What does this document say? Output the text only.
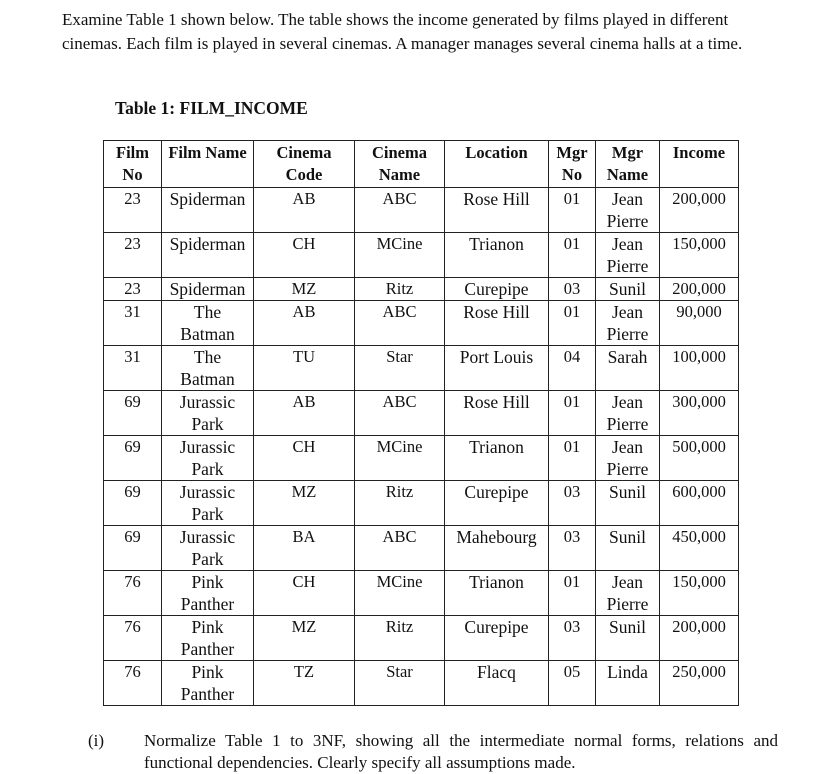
Examine Table 1 shown below. The table shows the income generated by films played in different cinemas. Each film is played in several cinemas. A manager manages several cinema halls at a time.

Table 1: FILM_INCOME

Film No	Film Name	Cinema Code	Cinema Name	Location	Mgr No	Mgr Name	Income
23	Spiderman	AB	ABC	Rose Hill	01	Jean Pierre	200,000
23	Spiderman	CH	MCine	Trianon	01	Jean Pierre	150,000
23	Spiderman	MZ	Ritz	Curepipe	03	Sunil	200,000
31	The Batman	AB	ABC	Rose Hill	01	Jean Pierre	90,000
31	The Batman	TU	Star	Port Louis	04	Sarah	100,000
69	Jurassic Park	AB	ABC	Rose Hill	01	Jean Pierre	300,000
69	Jurassic Park	CH	MCine	Trianon	01	Jean Pierre	500,000
69	Jurassic Park	MZ	Ritz	Curepipe	03	Sunil	600,000
69	Jurassic Park	BA	ABC	Mahebourg	03	Sunil	450,000
76	Pink Panther	CH	MCine	Trianon	01	Jean Pierre	150,000
76	Pink Panther	MZ	Ritz	Curepipe	03	Sunil	200,000
76	Pink Panther	TZ	Star	Flacq	05	Linda	250,000
(i) Normalize Table 1 to 3NF, showing all the intermediate normal forms, relations and functional dependencies. Clearly specify all assumptions made.
